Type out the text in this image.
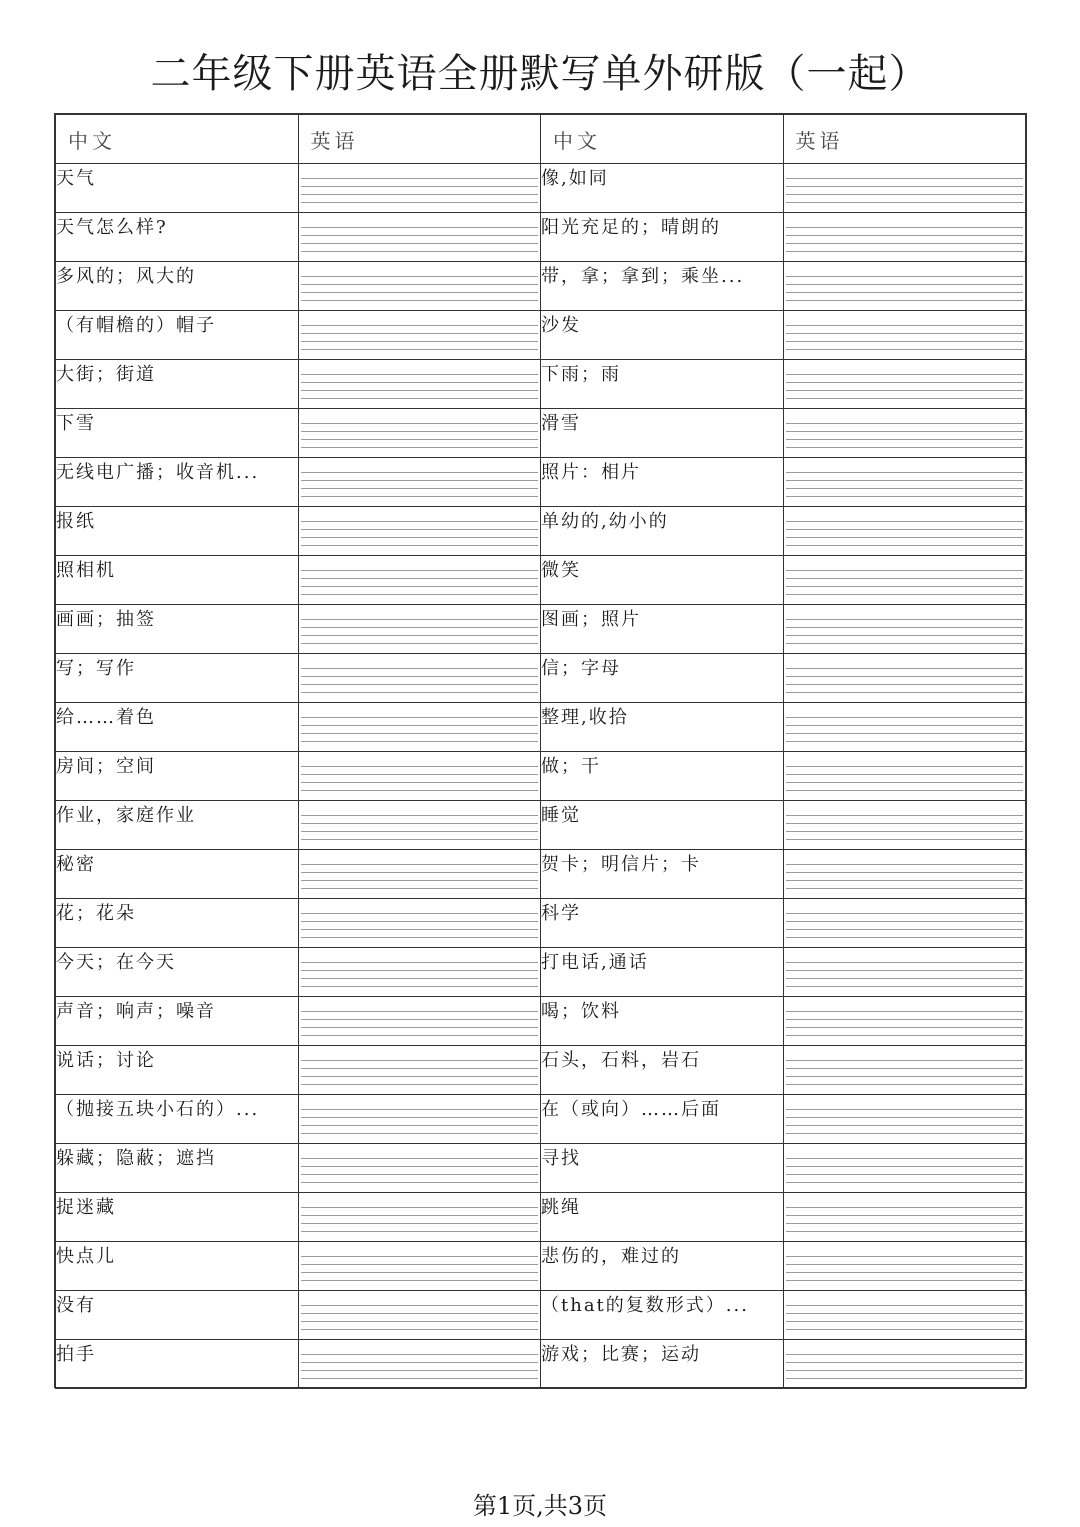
二年级下册英语全册默写单外研版（一起）
中文	英语	中文	英语
天气		像,如同	

天气怎么样?		阳光充足的；晴朗的	

多风的；风大的		带，拿；拿到；乘坐...	

（有帽檐的）帽子		沙发	

大街；街道		下雨；雨	

下雪		滑雪	

无线电广播；收音机...		照片：相片	

报纸		单幼的,幼小的	

照相机		微笑	

画画；抽签		图画；照片	

写；写作		信；字母	

给……着色		整理,收拾	

房间；空间		做；干	

作业，家庭作业		睡觉	

秘密		贺卡；明信片；卡	

花；花朵		科学	

今天；在今天		打电话,通话	

声音；响声；噪音		喝；饮料	

说话；讨论		石头，石料，岩石	

（抛接五块小石的）...		在（或向）……后面	

躲藏；隐蔽；遮挡		寻找	

捉迷藏		跳绳	

快点儿		悲伤的，难过的	

没有		（that的复数形式）...	

拍手		游戏；比赛；运动	
第1页,共3页
